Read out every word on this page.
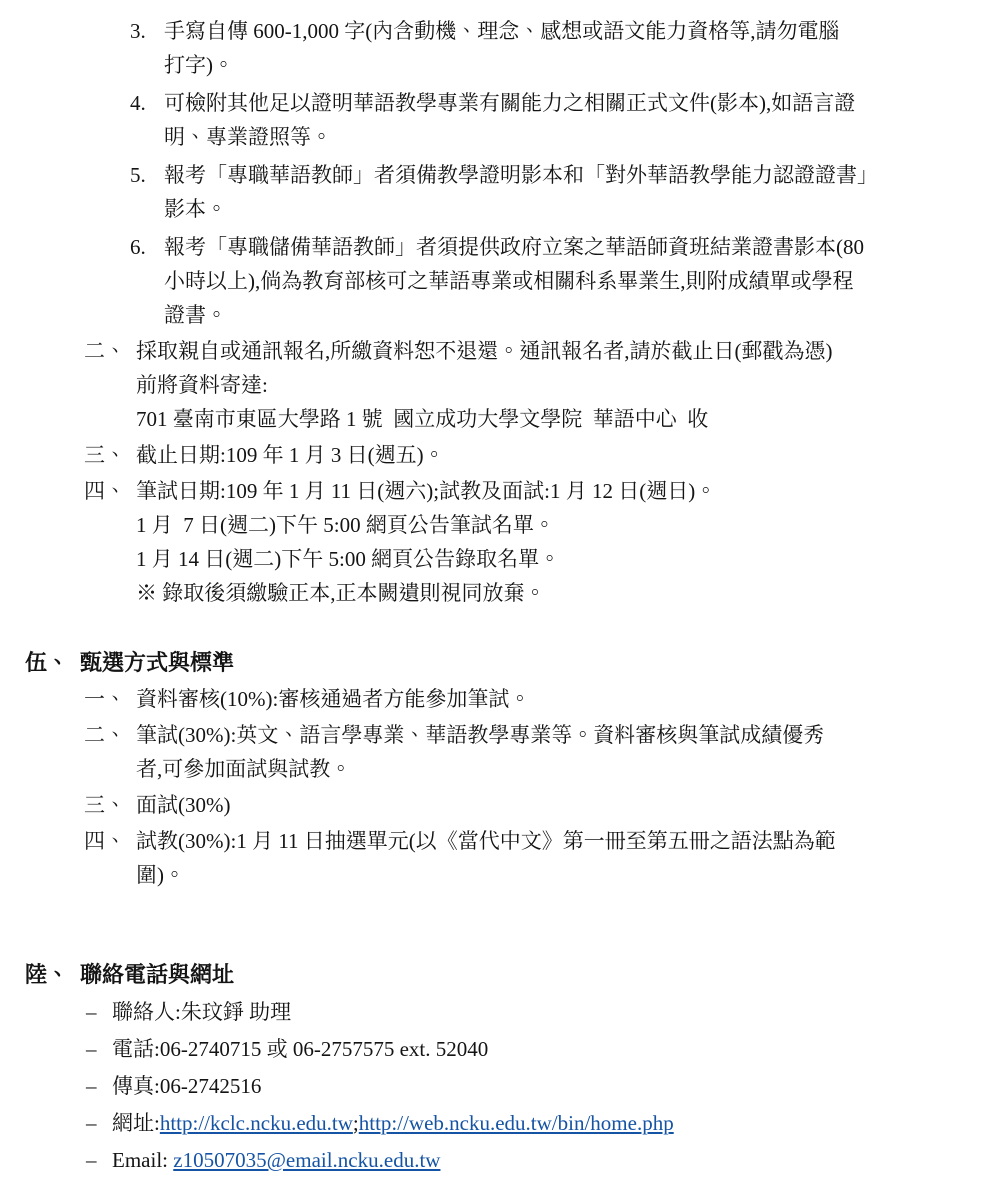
3. 手寫自傳 600-1,000 字(內含動機、理念、感想或語文能力資格等,請勿電腦
打字)。
4. 可檢附其他足以證明華語教學專業有關能力之相關正式文件(影本),如語言證
明、專業證照等。
5. 報考「專職華語教師」者須備教學證明影本和「對外華語教學能力認證證書」
影本。
6. 報考「專職儲備華語教師」者須提供政府立案之華語師資班結業證書影本(80
小時以上),倘為教育部核可之華語專業或相關科系畢業生,則附成績單或學程
證書。
二、 採取親自或通訊報名,所繳資料恕不退還。通訊報名者,請於截止日(郵戳為憑)
前將資料寄達:
701 臺南市東區大學路 1 號  國立成功大學文學院  華語中心  收
三、 截止日期:109 年 1 月 3 日(週五)。
四、 筆試日期:109 年 1 月 11 日(週六);試教及面試:1 月 12 日(週日)。
1 月  7 日(週二)下午 5:00 網頁公告筆試名單。
1 月 14 日(週二)下午 5:00 網頁公告錄取名單。
※ 錄取後須繳驗正本,正本闕遺則視同放棄。
伍、 甄選方式與標準
一、 資料審核(10%):審核通過者方能參加筆試。
二、 筆試(30%):英文、語言學專業、華語教學專業等。資料審核與筆試成績優秀
者,可參加面試與試教。
三、 面試(30%)
四、 試教(30%):1 月 11 日抽選單元(以《當代中文》第一冊至第五冊之語法點為範
圍)。
陸、 聯絡電話與網址
– 聯絡人:朱玟錚 助理
– 電話:06-2740715 或 06-2757575 ext. 52040
– 傳真:06-2742516
– 網址: http://kclc.ncku.edu.tw ; http://web.ncku.edu.tw/bin/home.php
– Email: z10507035@email.ncku.edu.tw
